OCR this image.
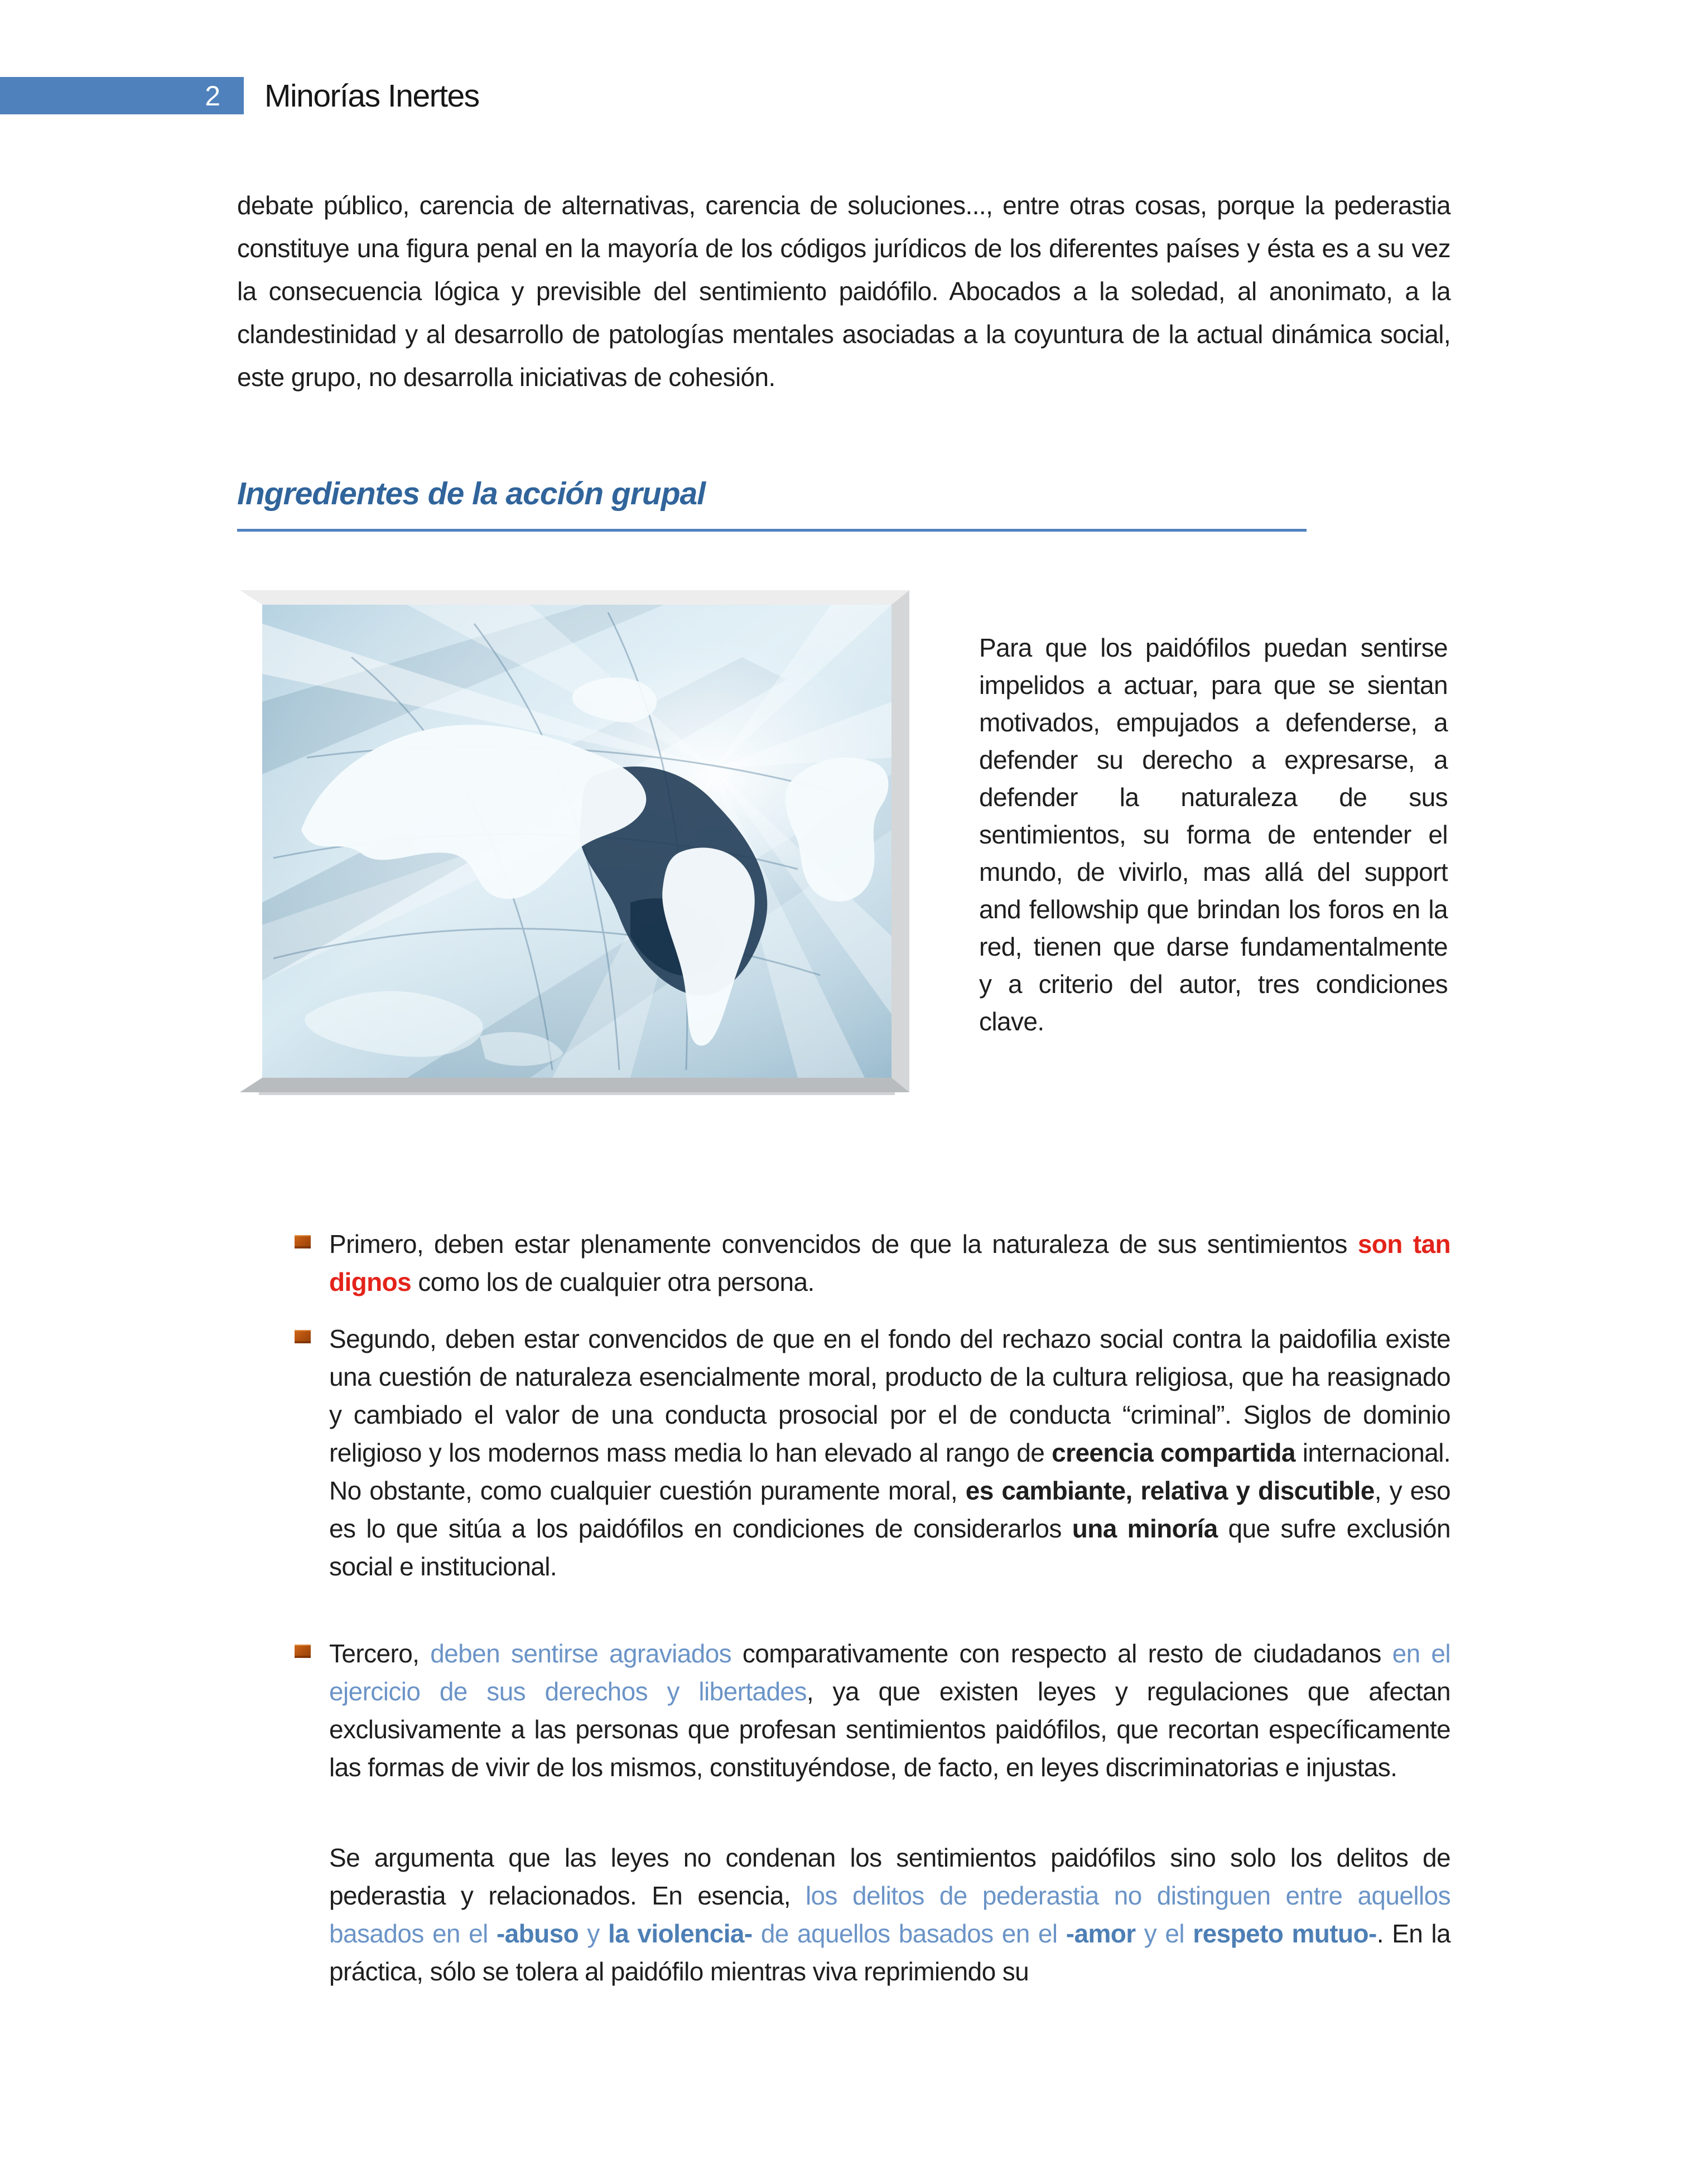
2 Minorías Inertes

debate público, carencia de alternativas, carencia de soluciones..., entre otras cosas, porque la pederastia constituye una figura penal en la mayoría de los códigos jurídicos de los diferentes países y ésta es a su vez la consecuencia lógica y previsible del sentimiento paidófilo. Abocados a la soledad, al anonimato, a la clandestinidad y al desarrollo de patologías mentales asociadas a la coyuntura de la actual dinámica social, este grupo, no desarrolla iniciativas de cohesión.

Ingredientes de la acción grupal

Para que los paidófilos puedan sentirse impelidos a actuar, para que se sientan motivados, empujados a defenderse, a defender su derecho a expresarse, a defender la naturaleza de sus sentimientos, su forma de entender el mundo, de vivirlo, mas allá del support and fellowship que brindan los foros en la red, tienen que darse fundamentalmente y a criterio del autor, tres condiciones clave.

Primero, deben estar plenamente convencidos de que la naturaleza de sus sentimientos son tan dignos como los de cualquier otra persona.
Segundo, deben estar convencidos de que en el fondo del rechazo social contra la paidofilia existe una cuestión de naturaleza esencialmente moral, producto de la cultura religiosa, que ha reasignado y cambiado el valor de una conducta prosocial por el de conducta “criminal”. Siglos de dominio religioso y los modernos mass media lo han elevado al rango de creencia compartida internacional. No obstante, como cualquier cuestión puramente moral, es cambiante, relativa y discutible, y eso es lo que sitúa a los paidófilos en condiciones de considerarlos una minoría que sufre exclusión social e institucional.
Tercero, deben sentirse agraviados comparativamente con respecto al resto de ciudadanos en el ejercicio de sus derechos y libertades, ya que existen leyes y regulaciones que afectan exclusivamente a las personas que profesan sentimientos paidófilos, que recortan específicamente las formas de vivir de los mismos, constituyéndose, de facto, en leyes discriminatorias e injustas.

Se argumenta que las leyes no condenan los sentimientos paidófilos sino solo los delitos de pederastia y relacionados. En esencia, los delitos de pederastia no distinguen entre aquellos basados en el -abuso y la violencia- de aquellos basados en el -amor y el respeto mutuo-. En la práctica, sólo se tolera al paidófilo mientras viva reprimiendo su
